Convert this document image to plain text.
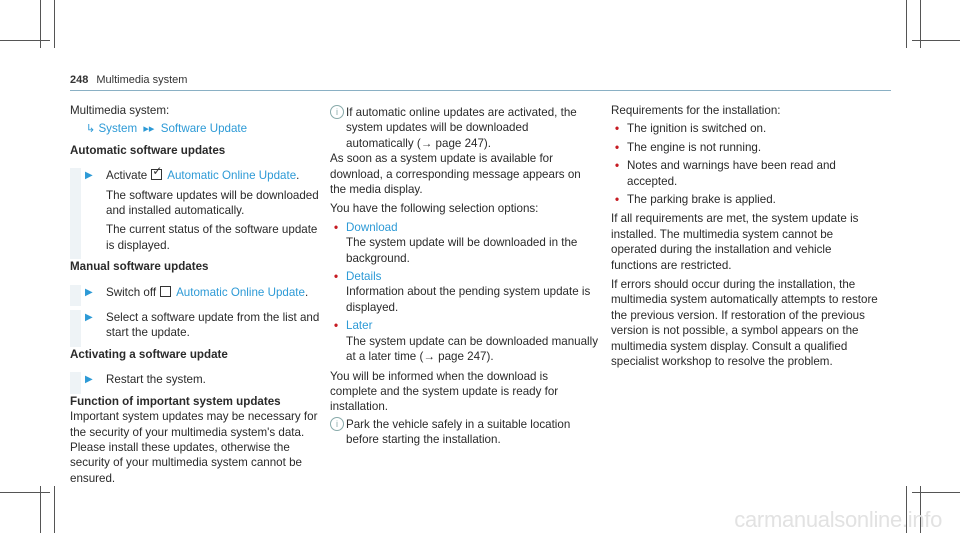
248 Multimedia system

Multimedia system:

↳ System  ▸▸  Software Update

Automatic software updates

▶ Activate✓ Automatic Online Update.

The software updates will be downloaded and installed automatically.

The current status of the software update is displayed.

Manual software updates

▶ Switch off Automatic Online Update.

▶ Select a software update from the list and start the update.

Activating a software update

▶ Restart the system.

Function of important system updates

Important system updates may be necessary for the security of your multimedia system's data. Please install these updates, otherwise the security of your multimedia system cannot be ensured.

i If automatic online updates are activated, the system updates will be downloaded automatically (→ page 247).

As soon as a system update is available for download, a corresponding message appears on the media display.

You have the following selection options:

• Download

The system update will be downloaded in the background.

• Details

Information about the pending system update is displayed.

• Later

The system update can be downloaded manually at a later time (→ page 247).

You will be informed when the download is complete and the system update is ready for installation.

i Park the vehicle safely in a suitable location before starting the installation.

Requirements for the installation:

• The ignition is switched on.

• The engine is not running.

• Notes and warnings have been read and accepted.

• The parking brake is applied.

If all requirements are met, the system update is installed. The multimedia system cannot be operated during the installation and vehicle functions are restricted.

If errors should occur during the installation, the multimedia system automatically attempts to restore the previous version. If restoration of the previous version is not possible, a symbol appears on the multimedia system display. Consult a qualified specialist workshop to resolve the problem.

carmanualsonline.info
